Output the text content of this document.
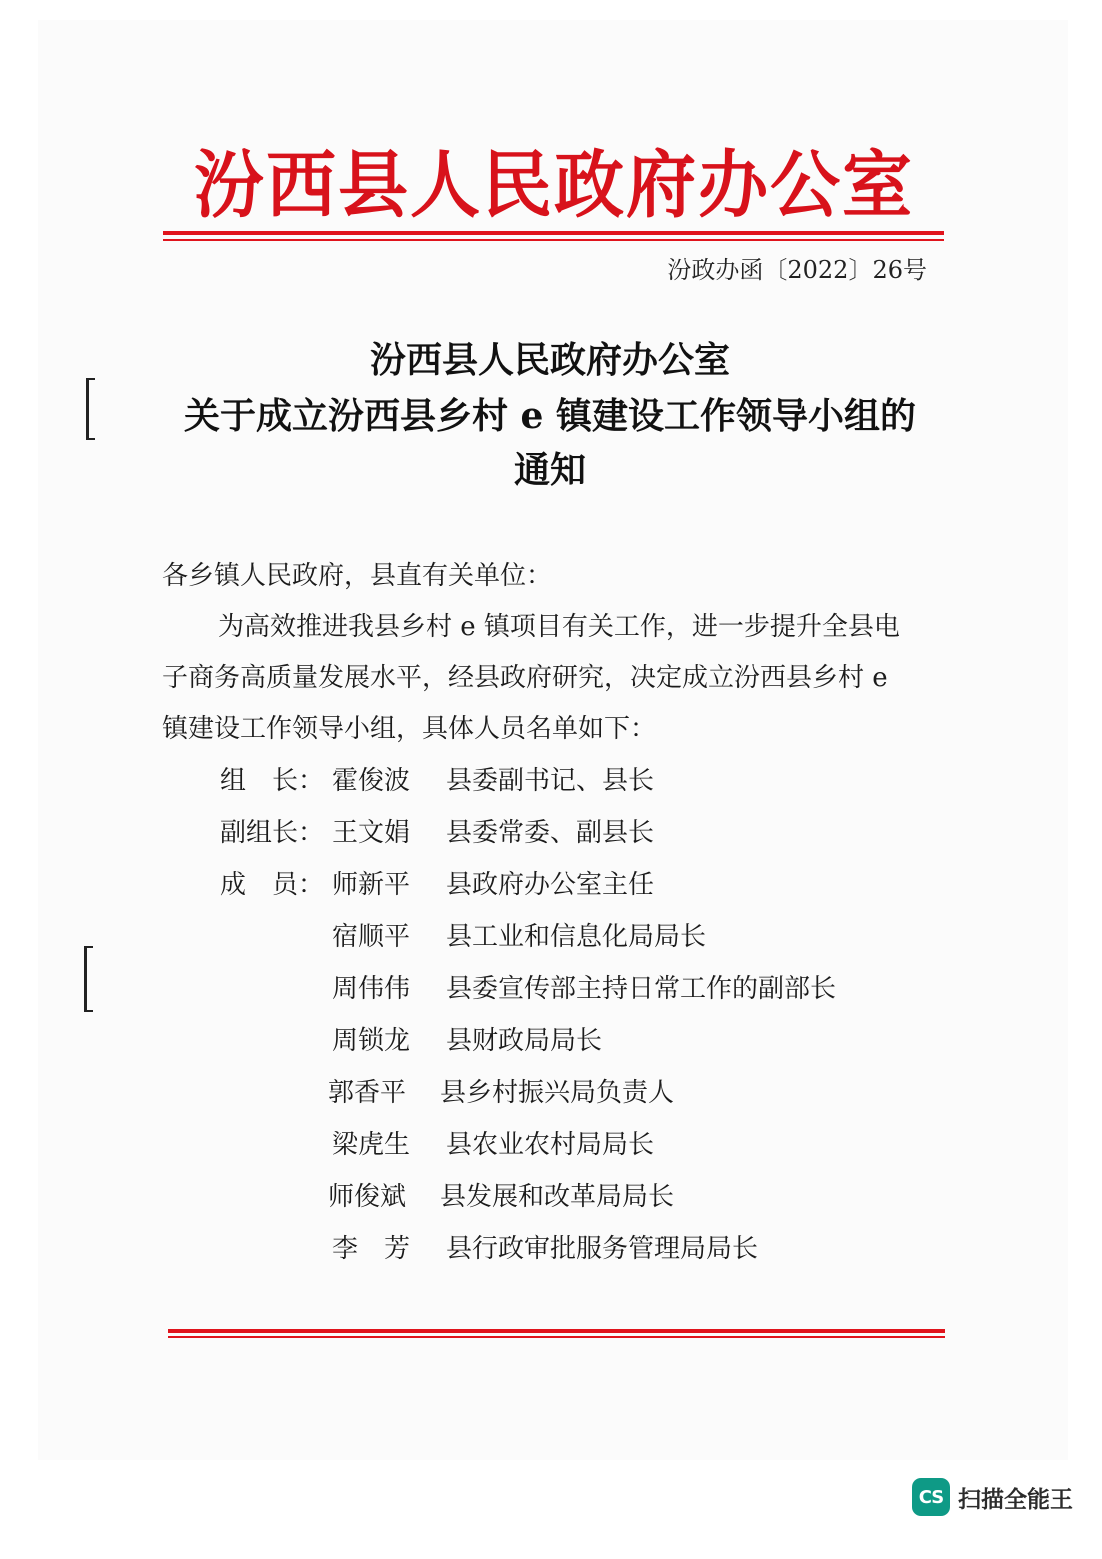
汾西县人民政府办公室
汾政办函〔2022〕26号
汾西县人民政府办公室
关于成立汾西县乡村 e 镇建设工作领导小组的
通知
各乡镇人民政府，县直有关单位：
为高效推进我县乡村 e 镇项目有关工作，进一步提升全县电
子商务高质量发展水平，经县政府研究，决定成立汾西县乡村 e
镇建设工作领导小组，具体人员名单如下：
组　长： 霍俊波 县委副书记、县长
副组长： 王文娟 县委常委、副县长
成　员： 师新平 县政府办公室主任
宿顺平 县工业和信息化局局长
周伟伟 县委宣传部主持日常工作的副部长
周锁龙 县财政局局长
郭香平 县乡村振兴局负责人
梁虎生 县农业农村局局长
师俊斌 县发展和改革局局长
李　芳 县行政审批服务管理局局长
CS 扫描全能王
